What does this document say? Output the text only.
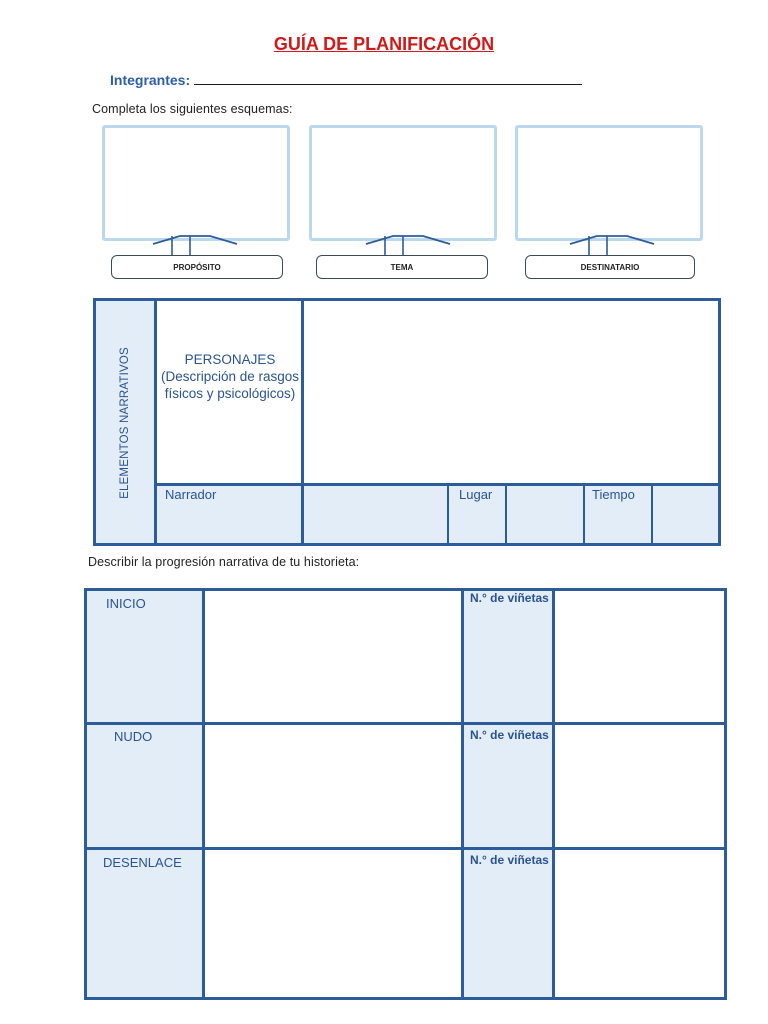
GUÍA DE PLANIFICACIÓN
Integrantes:
Completa los siguientes esquemas:
PROPÓSITO	TEMA	DESTINATARIO
ELEMENTOS NARRATIVOS	PERSONAJES (Descripción de rasgos físicos y psicológicos)
Narrador	Lugar	Tiempo
Describir la progresión narrativa de tu historieta:
INICIO	N.° de viñetas
NUDO	N.° de viñetas
DESENLACE	N.° de viñetas
